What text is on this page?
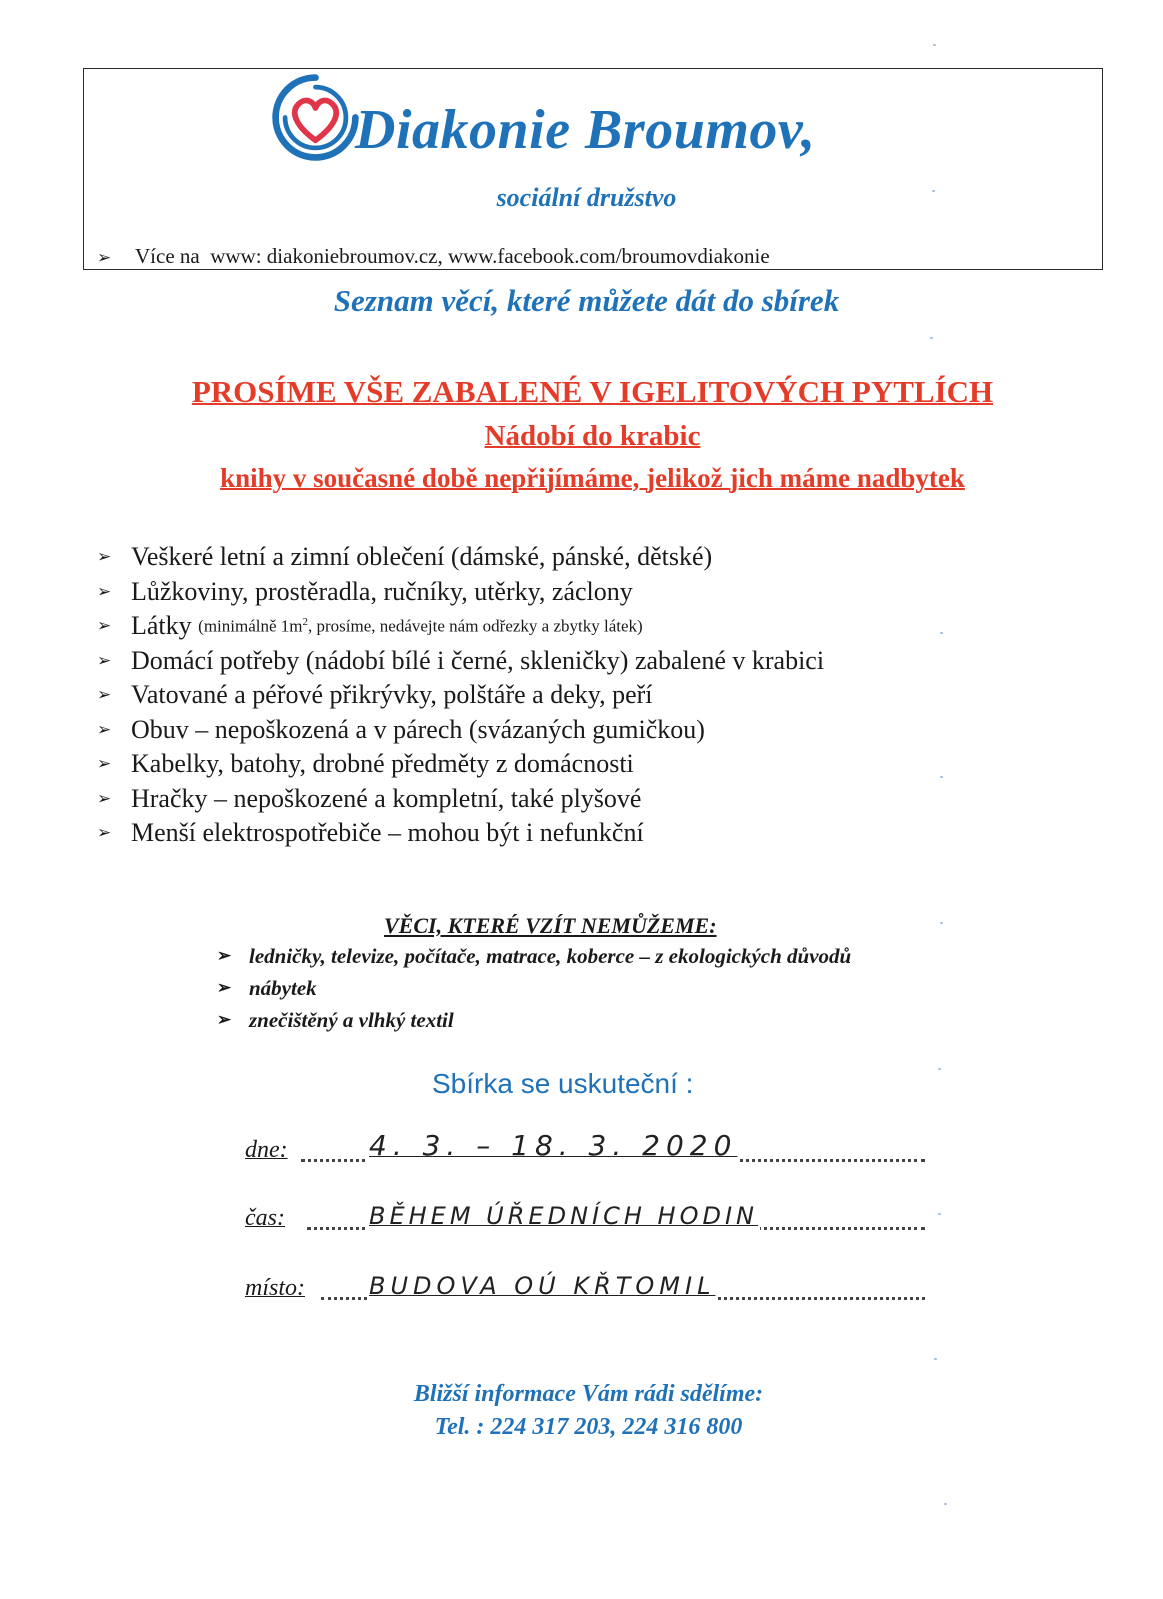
Diakonie Broumov,
sociální družstvo
➢ Více na www: diakoniebroumov.cz, www.facebook.com/broumovdiakonie
Seznam věcí, které můžete dát do sbírek
PROSÍME VŠE ZABALENÉ V IGELITOVÝCH PYTLÍCH
Nádobí do krabic
knihy v současné době nepřijímáme, jelikož jich máme nadbytek
➢ Veškeré letní a zimní oblečení (dámské, pánské, dětské)
➢ Lůžkoviny, prostěradla, ručníky, utěrky, záclony
➢ Látky
(minimálně $1m^2$, prosíme, nedávejte nám odřezky a zbytky látek)
➢ Domácí potřeby (nádobí bílé i černé, skleničky) zabalené v krabici
➢ Vatované a péřové přikrývky, polštáře a deky, peří
➢ Obuv – nepoškozená a v párech (svázaných gumičkou)
➢ Kabelky, batohy, drobné předměty z domácnosti
➢ Hračky – nepoškozené a kompletní, také plyšové
➢ Menší elektrospotřebiče – mohou být i nefunkční
VĚCI, KTERÉ VZÍT NEMŮŽEME:
➢ ledničky, televize, počítače, matrace, koberce – z ekologických důvodů
➢ nábytek
➢ znečištěný a vlhký textil
Sbírka se uskuteční :
dne:	4. 3. – 18. 3. 2020
čas:	BĚHEM ÚŘEDNÍCH HODIN
místo:	BUDOVA OÚ KŘTOMIL
Bližší informace Vám rádi sdělíme:
Tel. : 224 317 203, 224 316 800
